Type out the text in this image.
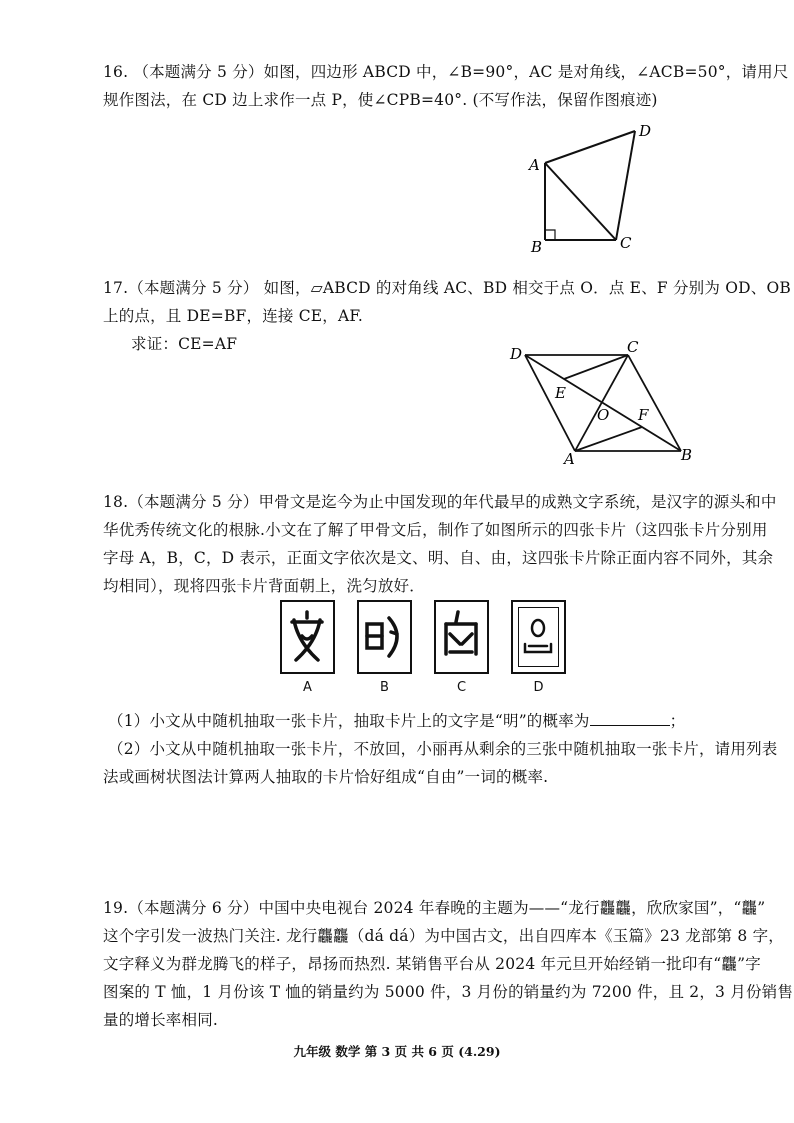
16. （本题满分 5 分）如图，四边形 ABCD 中，∠B=90°，AC 是对角线，∠ACB=50°，请用尺
规作图法，在 CD 边上求作一点 P，使∠CPB=40°. (不写作法，保留作图痕迹)
A
D
B	C
17.（本题满分 5 分） 如图，▱ABCD 的对角线 AC、BD 相交于点 O．点 E、F 分别为 OD、OB
上的点，且 DE=BF，连接 CE，AF.
求证：CE=AF
D	C
E
O F
A	B
18.（本题满分 5 分）甲骨文是迄今为止中国发现的年代最早的成熟文字系统，是汉字的源头和中
华优秀传统文化的根脉.小文在了解了甲骨文后，制作了如图所示的四张卡片（这四张卡片分别用
字母 A，B，C，D 表示，正面文字依次是文、明、自、由，这四张卡片除正面内容不同外，其余
均相同），现将四张卡片背面朝上，洗匀放好．
A	B	C	D
（1）小文从中随机抽取一张卡片，抽取卡片上的文字是“明”的概率为	；
（2）小文从中随机抽取一张卡片，不放回，小丽再从剩余的三张中随机抽取一张卡片，请用列表
法或画树状图法计算两人抽取的卡片恰好组成“自由”一词的概率.
19.（本题满分 6 分）中国中央电视台 2024 年春晚的主题为——“龙行龘龘，欣欣家国”，“龘”
这个字引发一波热门关注. 龙行龘龘（dá dá）为中国古文，出自四库本《玉篇》23 龙部第 8 字，
文字释义为群龙腾飞的样子，昂扬而热烈. 某销售平台从 2024 年元旦开始经销一批印有“龘”字
图案的 T 恤，1 月份该 T 恤的销量约为 5000 件，3 月份的销量约为 7200 件，且 2，3 月份销售
量的增长率相同.
九年级 数学 第 3 页 共 6 页 (4.29)
